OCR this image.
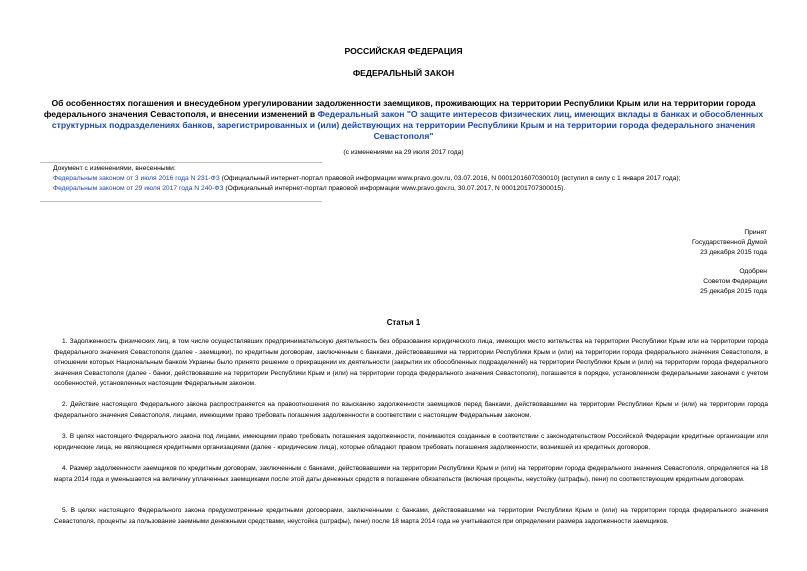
РОССИЙСКАЯ ФЕДЕРАЦИЯ
ФЕДЕРАЛЬНЫЙ ЗАКОН
Об особенностях погашения и внесудебном урегулировании задолженности заемщиков, проживающих на территории Республики Крым или на территории города федерального значения Севастополя, и внесении изменений в Федеральный закон "О защите интересов физических лиц, имеющих вклады в банках и обособленных структурных подразделениях банков, зарегистрированных и (или) действующих на территории Республики Крым и на территории города федерального значения Севастополя"
(с изменениями на 29 июля 2017 года)
Документ с изменениями, внесенными:
Федеральным законом от 3 июля 2016 года N 231-ФЗ (Официальный интернет-портал правовой информации www.pravo.gov.ru, 03.07.2016, N 0001201607030010) (вступил в силу с 1 января 2017 года);
Федеральным законом от 29 июля 2017 года N 240-ФЗ (Официальный интернет-портал правовой информации www.pravo.gov.ru, 30.07.2017, N 0001201707300015).
Принят
Государственной Думой
23 декабря 2015 года
Одобрен
Советом Федерации
25 декабря 2015 года
Статья 1
1. Задолженность физических лиц, в том числе осуществлявших предпринимательскую деятельность без образования юридического лица, имеющих место жительства на территории Республики Крым или на территории города федерального значения Севастополя (далее - заемщики), по кредитным договорам, заключенным с банками, действовавшими на территории Республики Крым и (или) на территории города федерального значения Севастополя, в отношении которых Национальным банком Украины было принято решение о прекращении их деятельности (закрытии их обособленных подразделений) на территории Республики Крым и (или) на территории города федерального значения Севастополя (далее - банки, действовавшие на территории Республики Крым и (или) на территории города федерального значения Севастополя), погашается в порядке, установленном федеральными законами с учетом особенностей, установленных настоящим Федеральным законом.
2. Действие настоящего Федерального закона распространяется на правоотношения по взысканию задолженности заемщиков перед банками, действовавшими на территории Республики Крым и (или) на территории города федерального значения Севастополя, лицами, имеющими право требовать погашения задолженности в соответствии с настоящим Федеральным законом.
3. В целях настоящего Федерального закона под лицами, имеющими право требовать погашения задолженности, понимаются созданные в соответствии с законодательством Российской Федерации кредитные организации или юридические лица, не являющиеся кредитными организациями (далее - юридические лица), которые обладают правом требовать погашения задолженности, возникшей из кредитных договоров.
4. Размер задолженности заемщиков по кредитным договорам, заключенным с банками, действовавшими на территории Республики Крым и (или) на территории города федерального значения Севастополя, определяется на 18 марта 2014 года и уменьшается на величину уплаченных заемщиками после этой даты денежных средств в погашение обязательств (включая проценты, неустойку (штрафы), пени) по соответствующим кредитным договорам.
5. В целях настоящего Федерального закона предусмотренные кредитными договорами, заключенными с банками, действовавшими на территории Республики Крым и (или) на территории города федерального значения Севастополя, проценты за пользование заемными денежными средствами, неустойка (штрафы), пени) после 18 марта 2014 года не учитываются при определении размера задолженности заемщиков.
